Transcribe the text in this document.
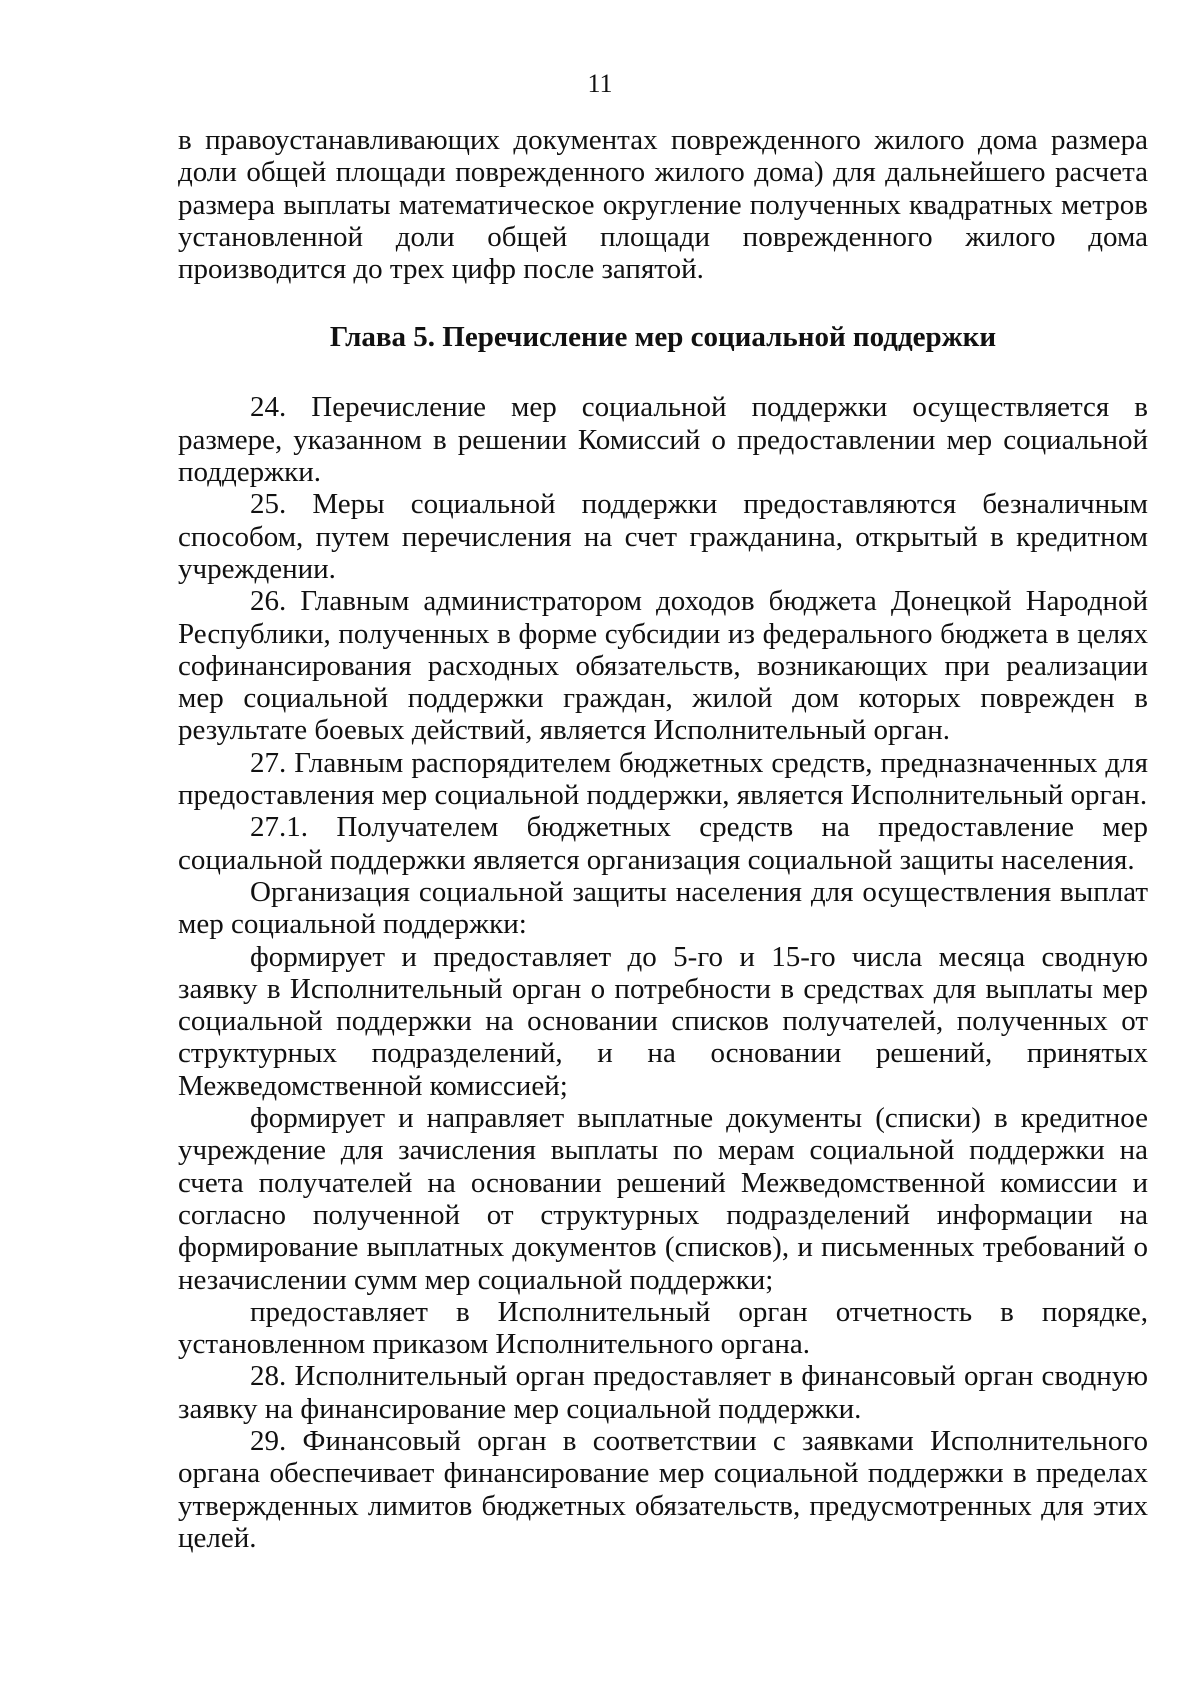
11

в правоустанавливающих документах поврежденного жилого дома размера доли общей площади поврежденного жилого дома) для дальнейшего расчета размера выплаты математическое округление полученных квадратных метров установленной доли общей площади поврежденного жилого дома производится до трех цифр после запятой.

Глава 5. Перечисление мер социальной поддержки

24. Перечисление мер социальной поддержки осуществляется в размере, указанном в решении Комиссий о предоставлении мер социальной поддержки.

25. Меры социальной поддержки предоставляются безналичным способом, путем перечисления на счет гражданина, открытый в кредитном учреждении.

26. Главным администратором доходов бюджета Донецкой Народной Республики, полученных в форме субсидии из федерального бюджета в целях софинансирования расходных обязательств, возникающих при реализации мер социальной поддержки граждан, жилой дом которых поврежден в результате боевых действий, является Исполнительный орган.

27. Главным распорядителем бюджетных средств, предназначенных для предоставления мер социальной поддержки, является Исполнительный орган.

27.1. Получателем бюджетных средств на предоставление мер социальной поддержки является организация социальной защиты населения.

Организация социальной защиты населения для осуществления выплат мер социальной поддержки:

формирует и предоставляет до 5-го и 15-го числа месяца сводную заявку в Исполнительный орган о потребности в средствах для выплаты мер социальной поддержки на основании списков получателей, полученных от структурных подразделений, и на основании решений, принятых Межведомственной комиссией;

формирует и направляет выплатные документы (списки) в кредитное учреждение для зачисления выплаты по мерам социальной поддержки на счета получателей на основании решений Межведомственной комиссии и согласно полученной от структурных подразделений информации на формирование выплатных документов (списков), и письменных требований о незачислении сумм мер социальной поддержки;

предоставляет в Исполнительный орган отчетность в порядке, установленном приказом Исполнительного органа.

28. Исполнительный орган предоставляет в финансовый орган сводную заявку на финансирование мер социальной поддержки.

29. Финансовый орган в соответствии с заявками Исполнительного органа обеспечивает финансирование мер социальной поддержки в пределах утвержденных лимитов бюджетных обязательств, предусмотренных для этих целей.
